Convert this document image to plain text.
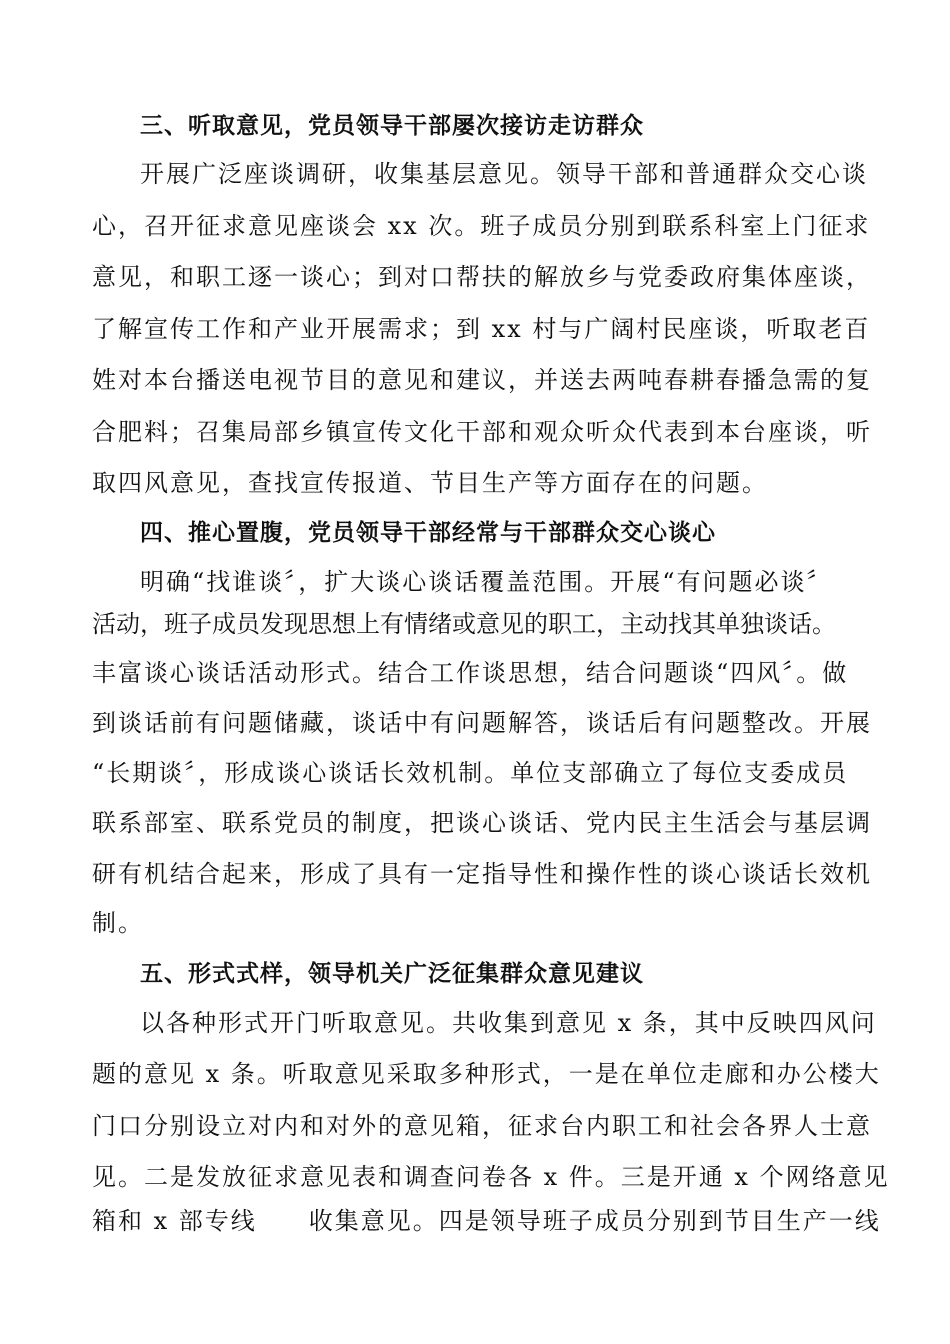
三、听取意见，党员领导干部屡次接访走访群众

开展广泛座谈调研，收集基层意见。领导干部和普通群众交心谈

心，召开征求意见座谈会 xx 次。班子成员分别到联系科室上门征求

意见，和职工逐一谈心；到对口帮扶的解放乡与党委政府集体座谈，

了解宣传工作和产业开展需求；到 xx 村与广阔村民座谈，听取老百

姓对本台播送电视节目的意见和建议，并送去两吨春耕春播急需的复

合肥料；召集局部乡镇宣传文化干部和观众听众代表到本台座谈，听

取四风意见，查找宣传报道、节目生产等方面存在的问题。

四、推心置腹，党员领导干部经常与干部群众交心谈心

明确“找谁谈〞，扩大谈心谈话覆盖范围。开展“有问题必谈〞

活动，班子成员发现思想上有情绪或意见的职工，主动找其单独谈话。

丰富谈心谈话活动形式。结合工作谈思想，结合问题谈“四风〞。做

到谈话前有问题储藏，谈话中有问题解答，谈话后有问题整改。开展

“长期谈〞，形成谈心谈话长效机制。单位支部确立了每位支委成员

联系部室、联系党员的制度，把谈心谈话、党内民主生活会与基层调

研有机结合起来，形成了具有一定指导性和操作性的谈心谈话长效机

制。

五、形式式样，领导机关广泛征集群众意见建议

以各种形式开门听取意见。共收集到意见 x 条，其中反映四风问

题的意见 x 条。听取意见采取多种形式，一是在单位走廊和办公楼大

门口分别设立对内和对外的意见箱，征求台内职工和社会各界人士意

见。二是发放征求意见表和调查问卷各 x 件。三是开通 x 个网络意见

箱和 x 部专线　　收集意见。四是领导班子成员分别到节目生产一线
